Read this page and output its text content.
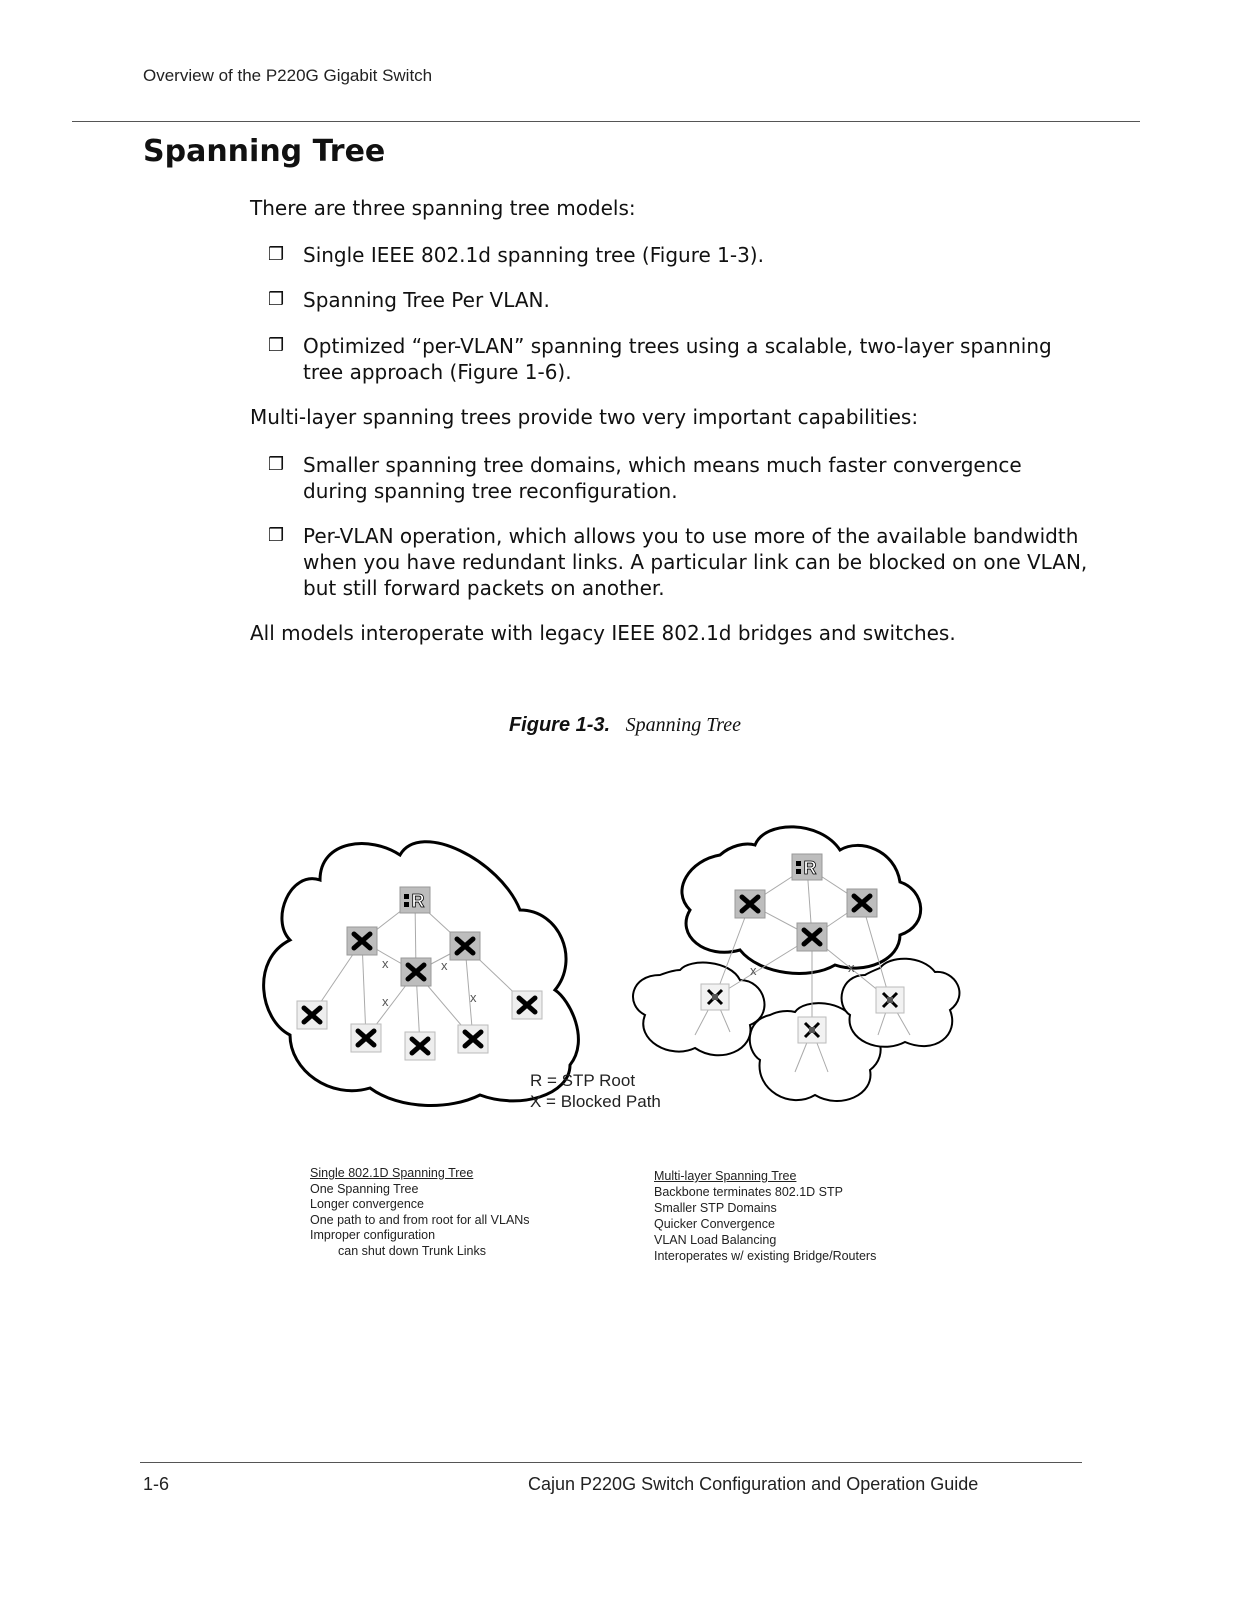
Overview of the P220G Gigabit Switch
Spanning Tree
There are three spanning tree models:
❒ Single IEEE 802.1d spanning tree (Figure 1-3).
❒ Spanning Tree Per VLAN.
❒ Optimized “per-VLAN” spanning trees using a scalable, two-layer spanning tree approach (Figure 1-6).
Multi-layer spanning trees provide two very important capabilities:
❒ Smaller spanning tree domains, which means much faster convergence during spanning tree reconfiguration.
❒ Per-VLAN operation, which allows you to use more of the available bandwidth when you have redundant links. A particular link can be blocked on one VLAN, but still forward packets on another.
All models interoperate with legacy IEEE 802.1d bridges and switches.
Figure 1-3. Spanning Tree
R
x	x
x	x
x	x
R = STP Root
X = Blocked Path
Single 802.1D Spanning Tree
One Spanning Tree
Longer convergence
One path to and from root for all VLANs
Improper configuration
can shut down Trunk Links
Multi-layer Spanning Tree
Backbone terminates 802.1D STP
Smaller STP Domains
Quicker Convergence
VLAN Load Balancing
Interoperates w/ existing Bridge/Routers
1-6	Cajun P220G Switch Configuration and Operation Guide
